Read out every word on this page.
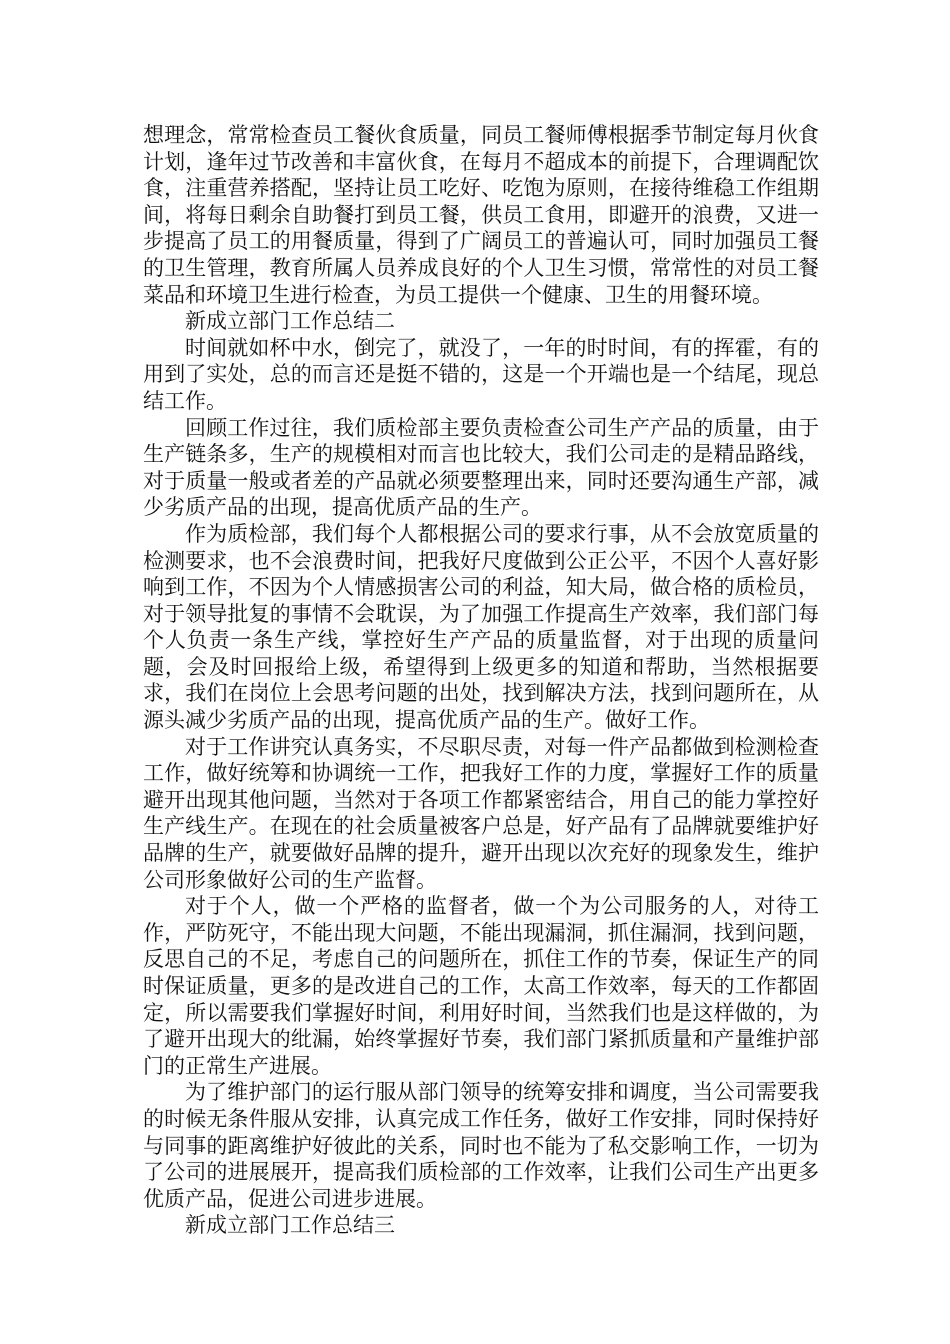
想理念，常常检查员工餐伙食质量，同员工餐师傅根据季节制定每月伙食计划，逢年过节改善和丰富伙食，在每月不超成本的前提下，合理调配饮食，注重营养搭配，坚持让员工吃好、吃饱为原则，在接待维稳工作组期间，将每日剩余自助餐打到员工餐，供员工食用，即避开的浪费，又进一步提高了员工的用餐质量，得到了广阔员工的普遍认可，同时加强员工餐的卫生管理，教育所属人员养成良好的个人卫生习惯，常常性的对员工餐菜品和环境卫生进行检查，为员工提供一个健康、卫生的用餐环境。

新成立部门工作总结二

时间就如杯中水，倒完了，就没了，一年的时时间，有的挥霍，有的用到了实处，总的而言还是挺不错的，这是一个开端也是一个结尾，现总结工作。

回顾工作过往，我们质检部主要负责检查公司生产产品的质量，由于生产链条多，生产的规模相对而言也比较大，我们公司走的是精品路线，对于质量一般或者差的产品就必须要整理出来，同时还要沟通生产部，减少劣质产品的出现，提高优质产品的生产。

作为质检部，我们每个人都根据公司的要求行事，从不会放宽质量的检测要求，也不会浪费时间，把我好尺度做到公正公平，不因个人喜好影响到工作，不因为个人情感损害公司的利益，知大局，做合格的质检员，对于领导批复的事情不会耽误，为了加强工作提高生产效率，我们部门每个人负责一条生产线，掌控好生产产品的质量监督，对于出现的质量问题，会及时回报给上级，希望得到上级更多的知道和帮助，当然根据要求，我们在岗位上会思考问题的出处，找到解决方法，找到问题所在，从源头减少劣质产品的出现，提高优质产品的生产。做好工作。

对于工作讲究认真务实，不尽职尽责，对每一件产品都做到检测检查工作，做好统筹和协调统一工作，把我好工作的力度，掌握好工作的质量避开出现其他问题，当然对于各项工作都紧密结合，用自己的能力掌控好生产线生产。在现在的社会质量被客户总是，好产品有了品牌就要维护好品牌的生产，就要做好品牌的提升，避开出现以次充好的现象发生，维护公司形象做好公司的生产监督。

对于个人，做一个严格的监督者，做一个为公司服务的人，对待工作，严防死守，不能出现大问题，不能出现漏洞，抓住漏洞，找到问题，反思自己的不足，考虑自己的问题所在，抓住工作的节奏，保证生产的同时保证质量，更多的是改进自己的工作，太高工作效率，每天的工作都固定，所以需要我们掌握好时间，利用好时间，当然我们也是这样做的，为了避开出现大的纰漏，始终掌握好节奏，我们部门紧抓质量和产量维护部门的正常生产进展。

为了维护部门的运行服从部门领导的统筹安排和调度，当公司需要我的时候无条件服从安排，认真完成工作任务，做好工作安排，同时保持好与同事的距离维护好彼此的关系，同时也不能为了私交影响工作，一切为了公司的进展展开，提高我们质检部的工作效率，让我们公司生产出更多优质产品，促进公司进步进展。

新成立部门工作总结三
